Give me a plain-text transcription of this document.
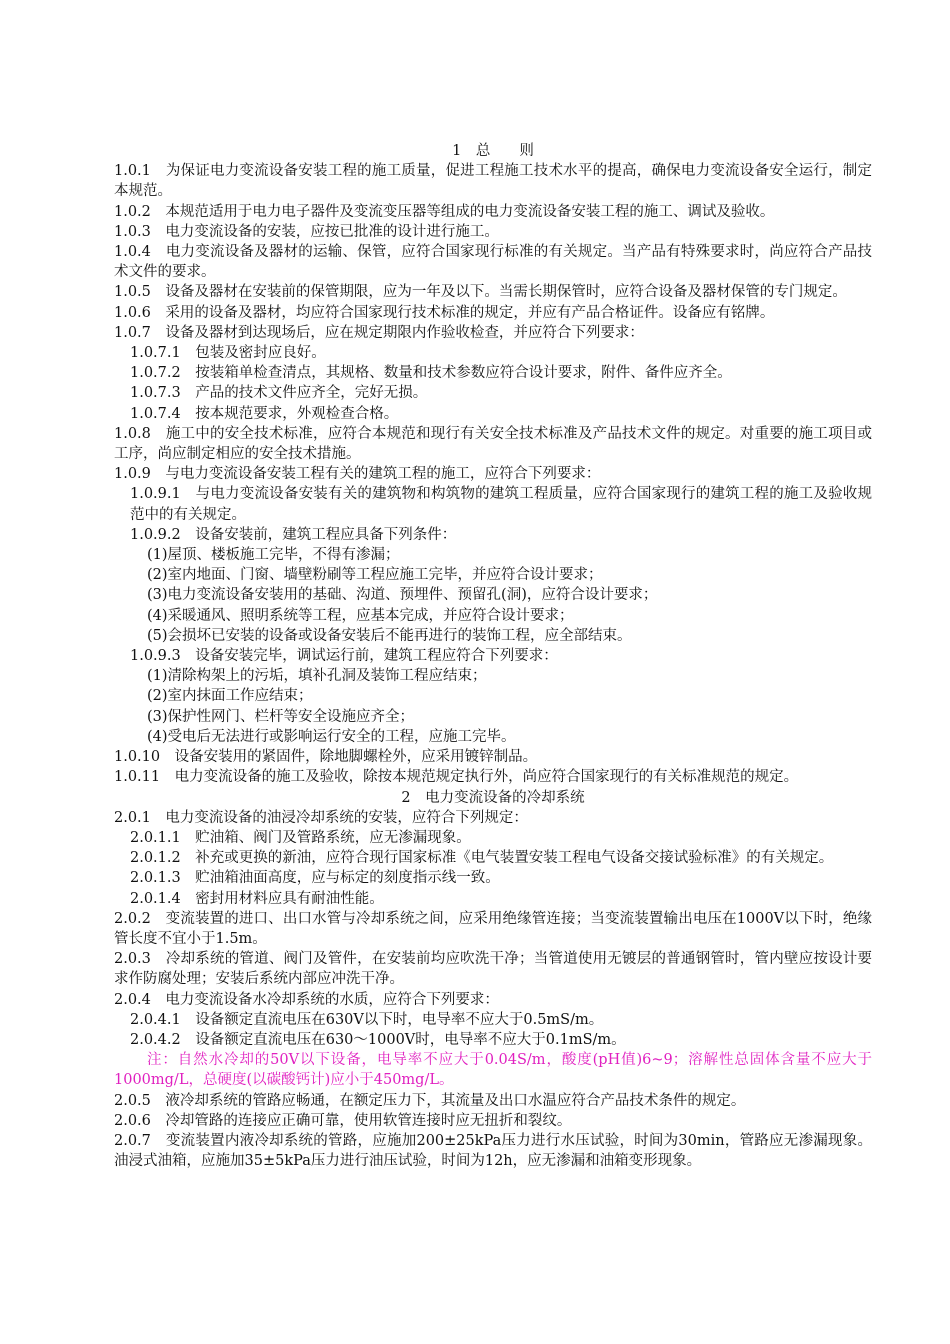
1　总　　则

1.0.1　为保证电力变流设备安装工程的施工质量，促进工程施工技术水平的提高，确保电力变流设备安全运行，制定本规范。

1.0.2　本规范适用于电力电子器件及变流变压器等组成的电力变流设备安装工程的施工、调试及验收。

1.0.3　电力变流设备的安装，应按已批准的设计进行施工。

1.0.4　电力变流设备及器材的运输、保管，应符合国家现行标准的有关规定。当产品有特殊要求时，尚应符合产品技术文件的要求。

1.0.5　设备及器材在安装前的保管期限，应为一年及以下。当需长期保管时，应符合设备及器材保管的专门规定。

1.0.6　采用的设备及器材，均应符合国家现行技术标准的规定，并应有产品合格证件。设备应有铭牌。

1.0.7　设备及器材到达现场后，应在规定期限内作验收检查，并应符合下列要求：

1.0.7.1　包装及密封应良好。

1.0.7.2　按装箱单检查清点，其规格、数量和技术参数应符合设计要求，附件、备件应齐全。

1.0.7.3　产品的技术文件应齐全，完好无损。

1.0.7.4　按本规范要求，外观检查合格。

1.0.8　施工中的安全技术标准，应符合本规范和现行有关安全技术标准及产品技术文件的规定。对重要的施工项目或工序，尚应制定相应的安全技术措施。

1.0.9　与电力变流设备安装工程有关的建筑工程的施工，应符合下列要求：

1.0.9.1　与电力变流设备安装有关的建筑物和构筑物的建筑工程质量，应符合国家现行的建筑工程的施工及验收规范中的有关规定。

1.0.9.2　设备安装前，建筑工程应具备下列条件：

(1)屋顶、楼板施工完毕，不得有渗漏；

(2)室内地面、门窗、墙壁粉刷等工程应施工完毕，并应符合设计要求；

(3)电力变流设备安装用的基础、沟道、预埋件、预留孔(洞)，应符合设计要求；

(4)采暖通风、照明系统等工程，应基本完成，并应符合设计要求；

(5)会损坏已安装的设备或设备安装后不能再进行的装饰工程，应全部结束。

1.0.9.3　设备安装完毕，调试运行前，建筑工程应符合下列要求：

(1)清除构架上的污垢，填补孔洞及装饰工程应结束；

(2)室内抹面工作应结束；

(3)保护性网门、栏杆等安全设施应齐全；

(4)受电后无法进行或影响运行安全的工程，应施工完毕。

1.0.10　设备安装用的紧固件，除地脚螺栓外，应采用镀锌制品。

1.0.11　电力变流设备的施工及验收，除按本规范规定执行外，尚应符合国家现行的有关标准规范的规定。

2　电力变流设备的冷却系统

2.0.1　电力变流设备的油浸冷却系统的安装，应符合下列规定：

2.0.1.1　贮油箱、阀门及管路系统，应无渗漏现象。

2.0.1.2　补充或更换的新油，应符合现行国家标准《电气装置安装工程电气设备交接试验标准》的有关规定。

2.0.1.3　贮油箱油面高度，应与标定的刻度指示线一致。

2.0.1.4　密封用材料应具有耐油性能。

2.0.2　变流装置的进口、出口水管与冷却系统之间，应采用绝缘管连接；当变流装置输出电压在1000V以下时，绝缘管长度不宜小于1.5m。

2.0.3　冷却系统的管道、阀门及管件，在安装前均应吹洗干净；当管道使用无镀层的普通钢管时，管内壁应按设计要求作防腐处理；安装后系统内部应冲洗干净。

2.0.4　电力变流设备水冷却系统的水质，应符合下列要求：

2.0.4.1　设备额定直流电压在630V以下时，电导率不应大于0.5mS/m。

2.0.4.2　设备额定直流电压在630～1000V时，电导率不应大于0.1mS/m。

注：自然水冷却的50V以下设备，电导率不应大于0.04S/m，酸度(pH值)6~9；溶解性总固体含量不应大于1000mg/L，总硬度(以碳酸钙计)应小于450mg/L。

2.0.5　液冷却系统的管路应畅通，在额定压力下，其流量及出口水温应符合产品技术条件的规定。

2.0.6　冷却管路的连接应正确可靠，使用软管连接时应无扭折和裂纹。

2.0.7　变流装置内液冷却系统的管路，应施加200±25kPa压力进行水压试验，时间为30min，管路应无渗漏现象。油浸式油箱，应施加35±5kPa压力进行油压试验，时间为12h，应无渗漏和油箱变形现象。
